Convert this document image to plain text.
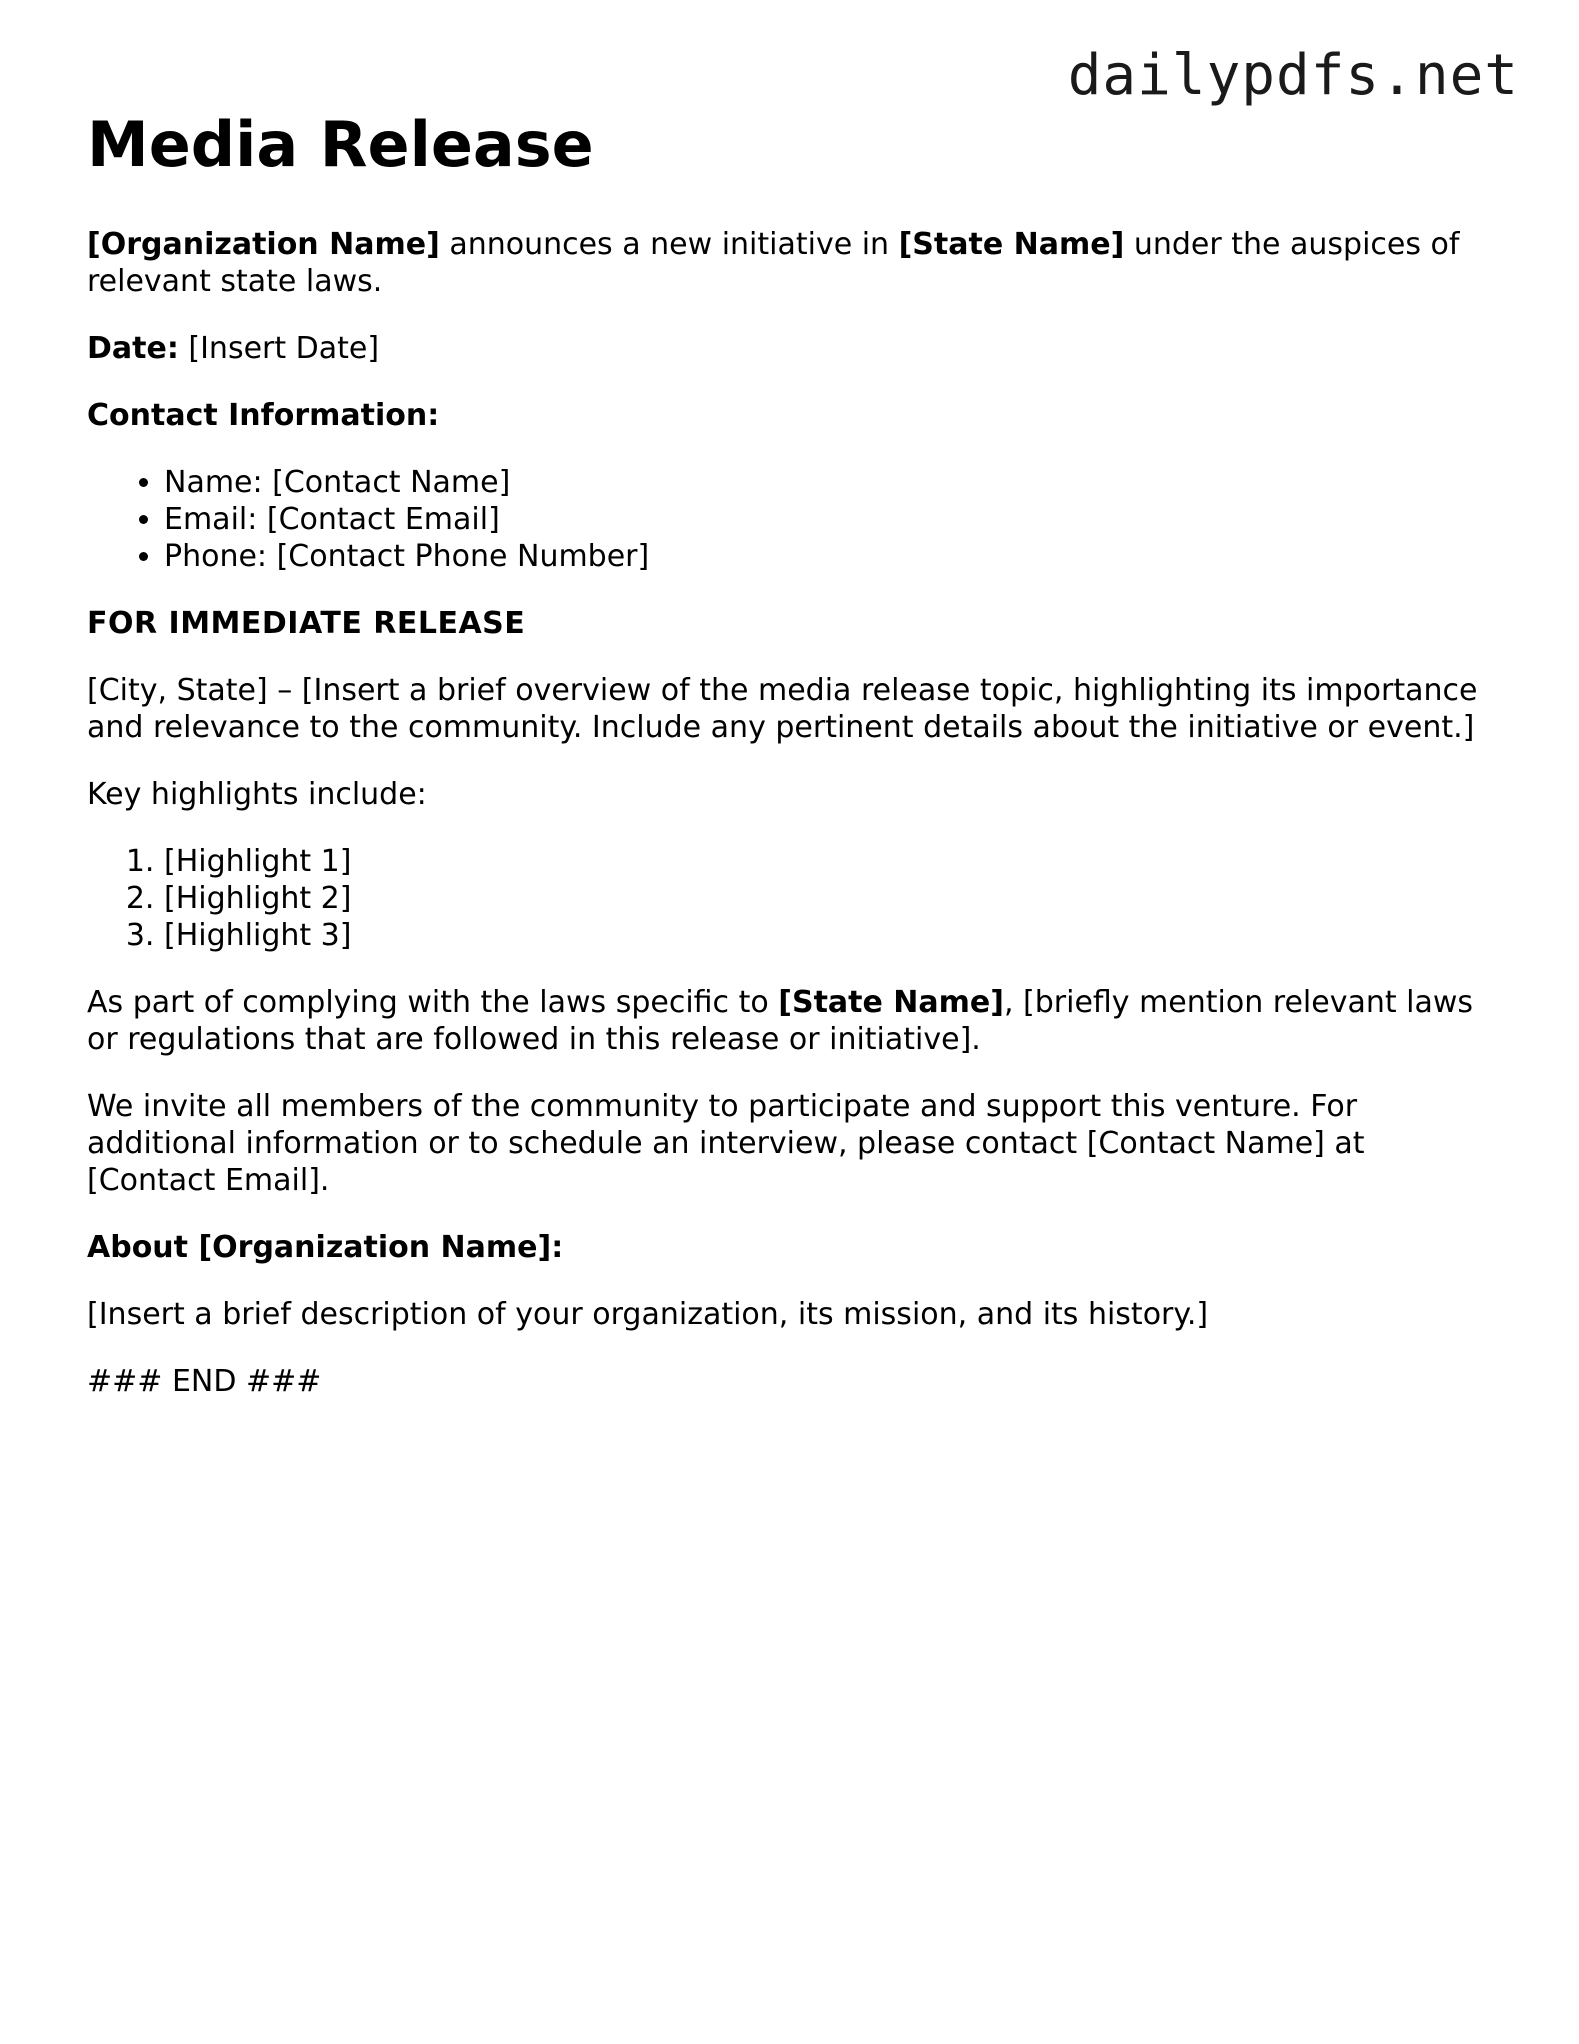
dailypdfs.net
Media Release

[Organization Name] announces a new initiative in [State Name] under the auspices of relevant state laws.

Date: [Insert Date]

Contact Information:

• Name: [Contact Name]
• Email: [Contact Email]
• Phone: [Contact Phone Number]
FOR IMMEDIATE RELEASE

[City, State] – [Insert a brief overview of the media release topic, highlighting its importance and relevance to the community. Include any pertinent details about the initiative or event.]

Key highlights include:

1. [Highlight 1]
2. [Highlight 2]
3. [Highlight 3]

As part of complying with the laws specific to [State Name], [briefly mention relevant laws or regulations that are followed in this release or initiative].

We invite all members of the community to participate and support this venture. For additional information or to schedule an interview, please contact [Contact Name] at [Contact Email].

About [Organization Name]:

[Insert a brief description of your organization, its mission, and its history.]

### END ###
